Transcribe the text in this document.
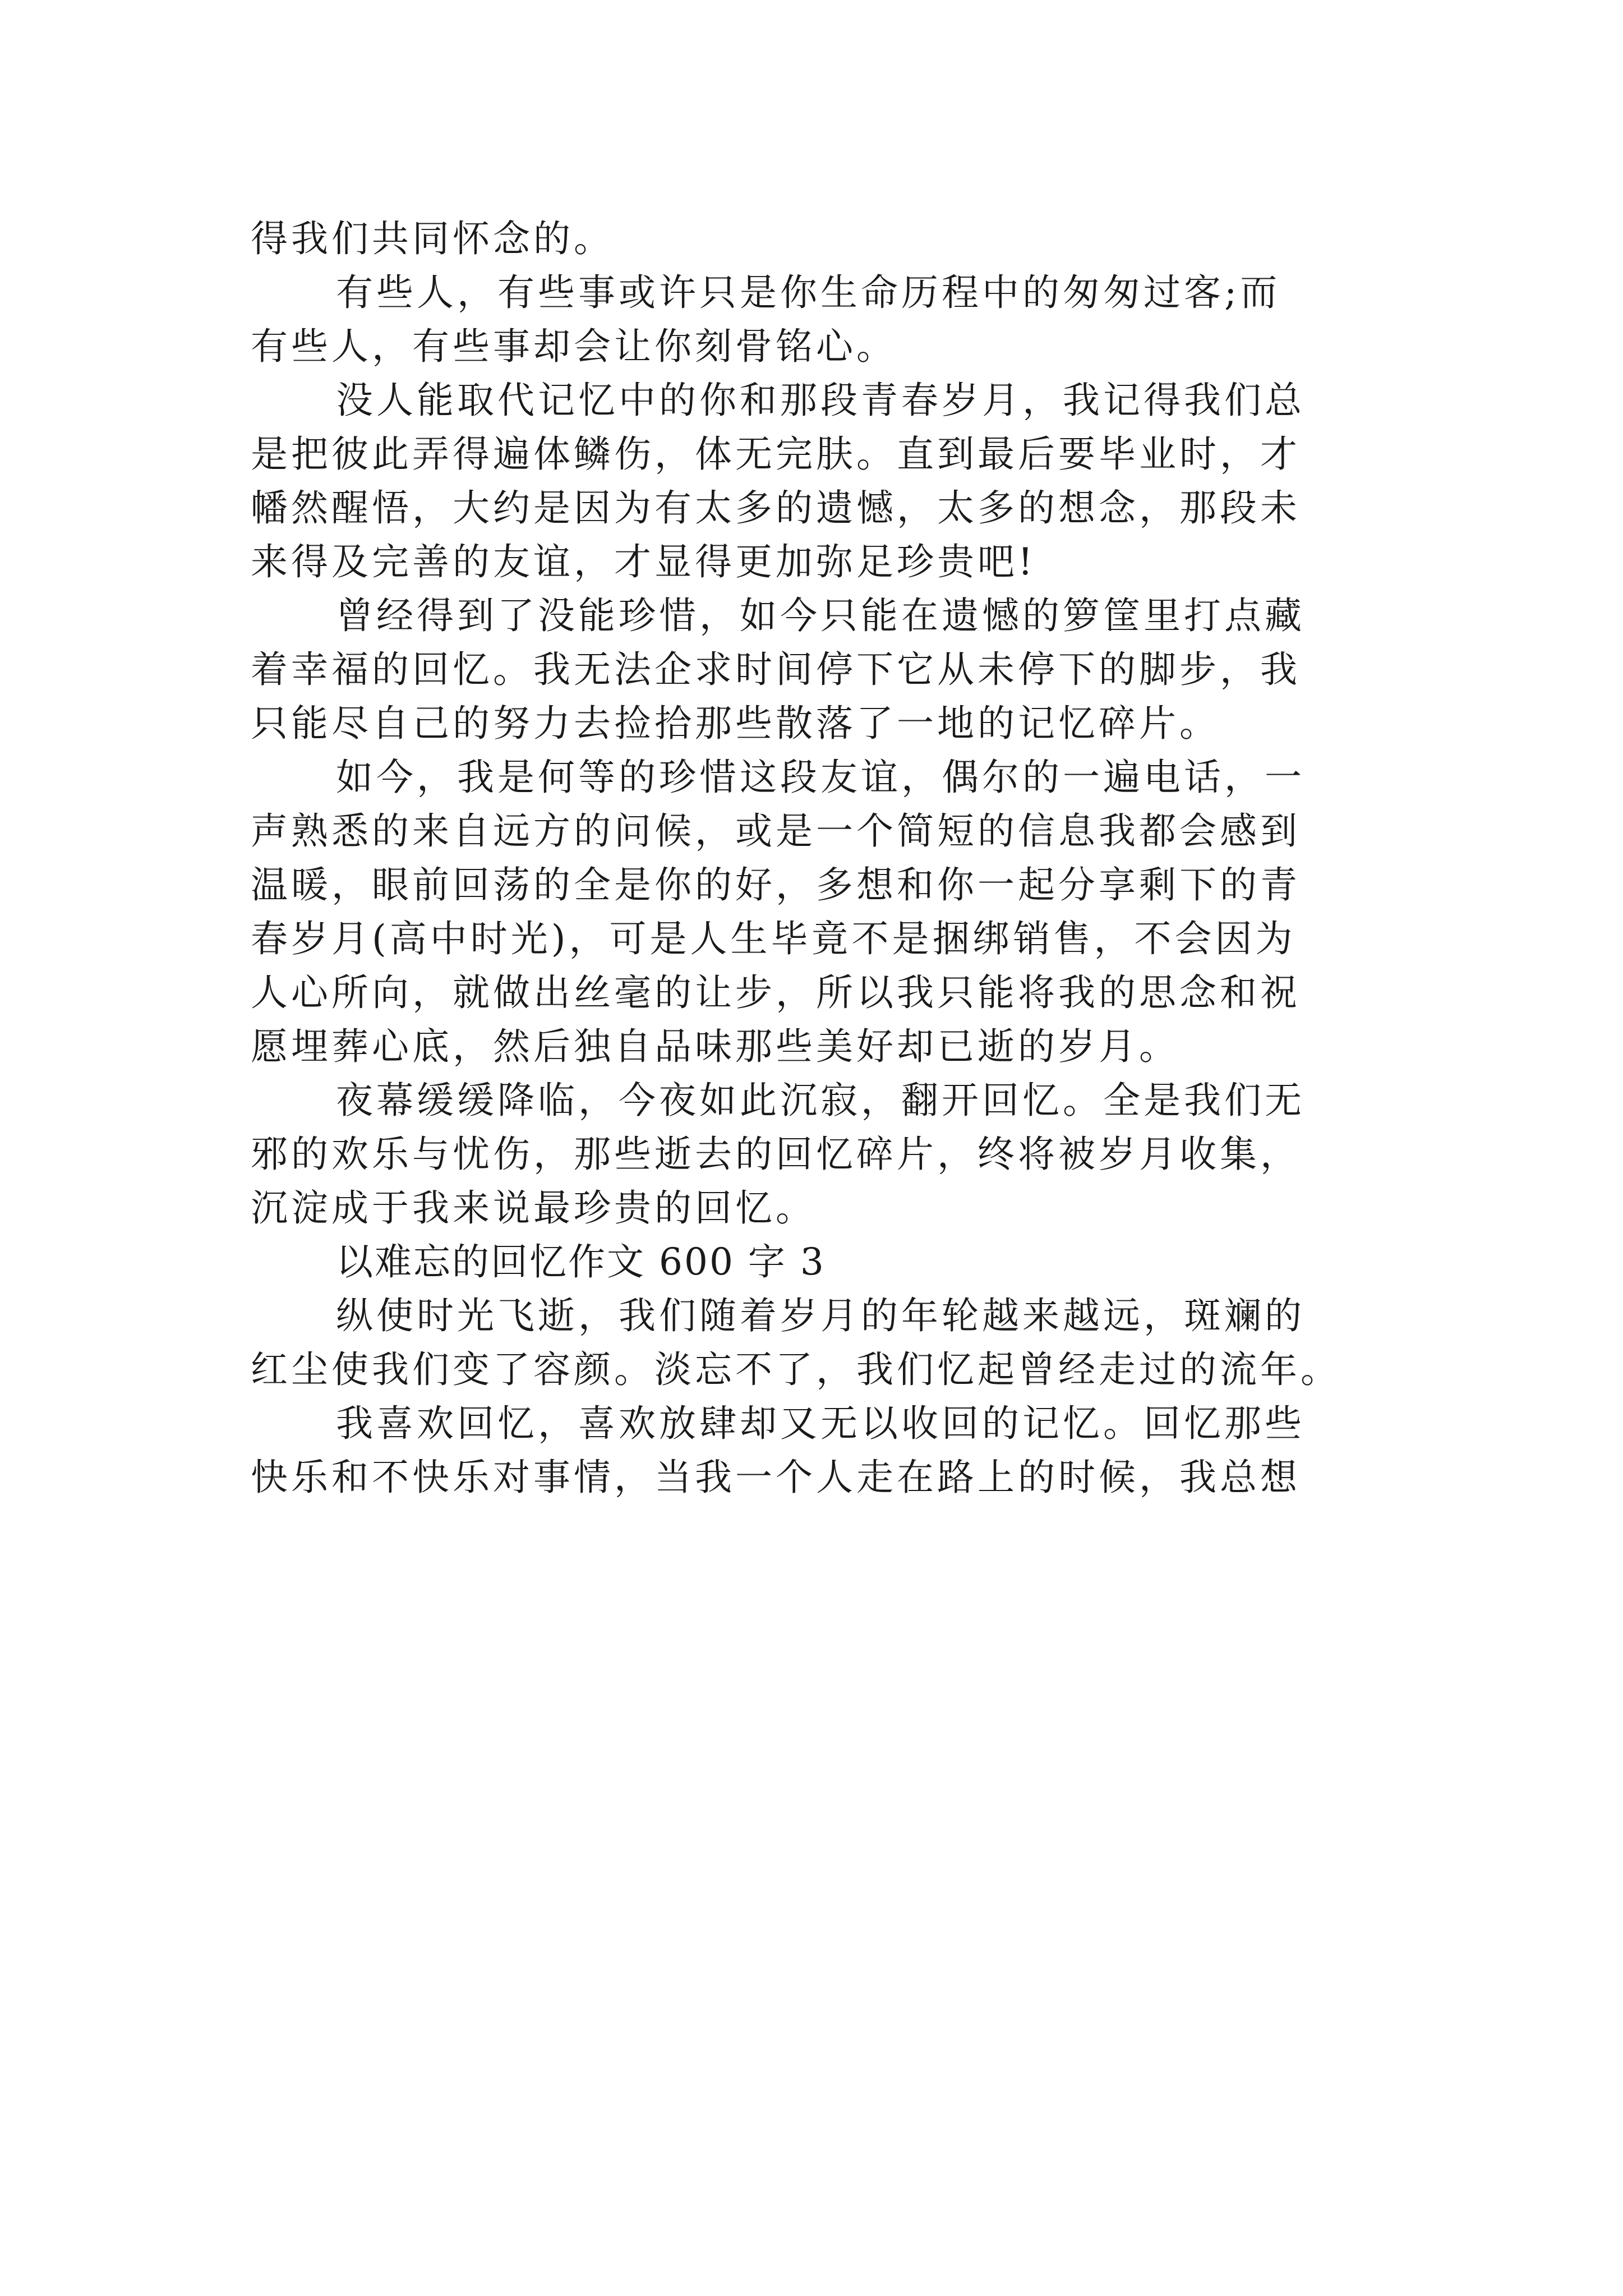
得我们共同怀念的。

有些人，有些事或许只是你生命历程中的匆匆过客;而
有些人，有些事却会让你刻骨铭心。

没人能取代记忆中的你和那段青春岁月，我记得我们总
是把彼此弄得遍体鳞伤，体无完肤。直到最后要毕业时，才
幡然醒悟，大约是因为有太多的遗憾，太多的想念，那段未
来得及完善的友谊，才显得更加弥足珍贵吧!

曾经得到了没能珍惜，如今只能在遗憾的箩筐里打点藏
着幸福的回忆。我无法企求时间停下它从未停下的脚步，我
只能尽自己的努力去捡拾那些散落了一地的记忆碎片。

如今，我是何等的珍惜这段友谊，偶尔的一遍电话，一
声熟悉的来自远方的问候，或是一个简短的信息我都会感到
温暖，眼前回荡的全是你的好，多想和你一起分享剩下的青
春岁月(高中时光)，可是人生毕竟不是捆绑销售，不会因为
人心所向，就做出丝毫的让步，所以我只能将我的思念和祝
愿埋葬心底，然后独自品味那些美好却已逝的岁月。

夜幕缓缓降临，今夜如此沉寂，翻开回忆。全是我们无
邪的欢乐与忧伤，那些逝去的回忆碎片，终将被岁月收集，
沉淀成于我来说最珍贵的回忆。

以难忘的回忆作文 600 字 3

纵使时光飞逝，我们随着岁月的年轮越来越远，斑斓的
红尘使我们变了容颜。淡忘不了，我们忆起曾经走过的流年。

我喜欢回忆，喜欢放肆却又无以收回的记忆。回忆那些
快乐和不快乐对事情，当我一个人走在路上的时候，我总想
